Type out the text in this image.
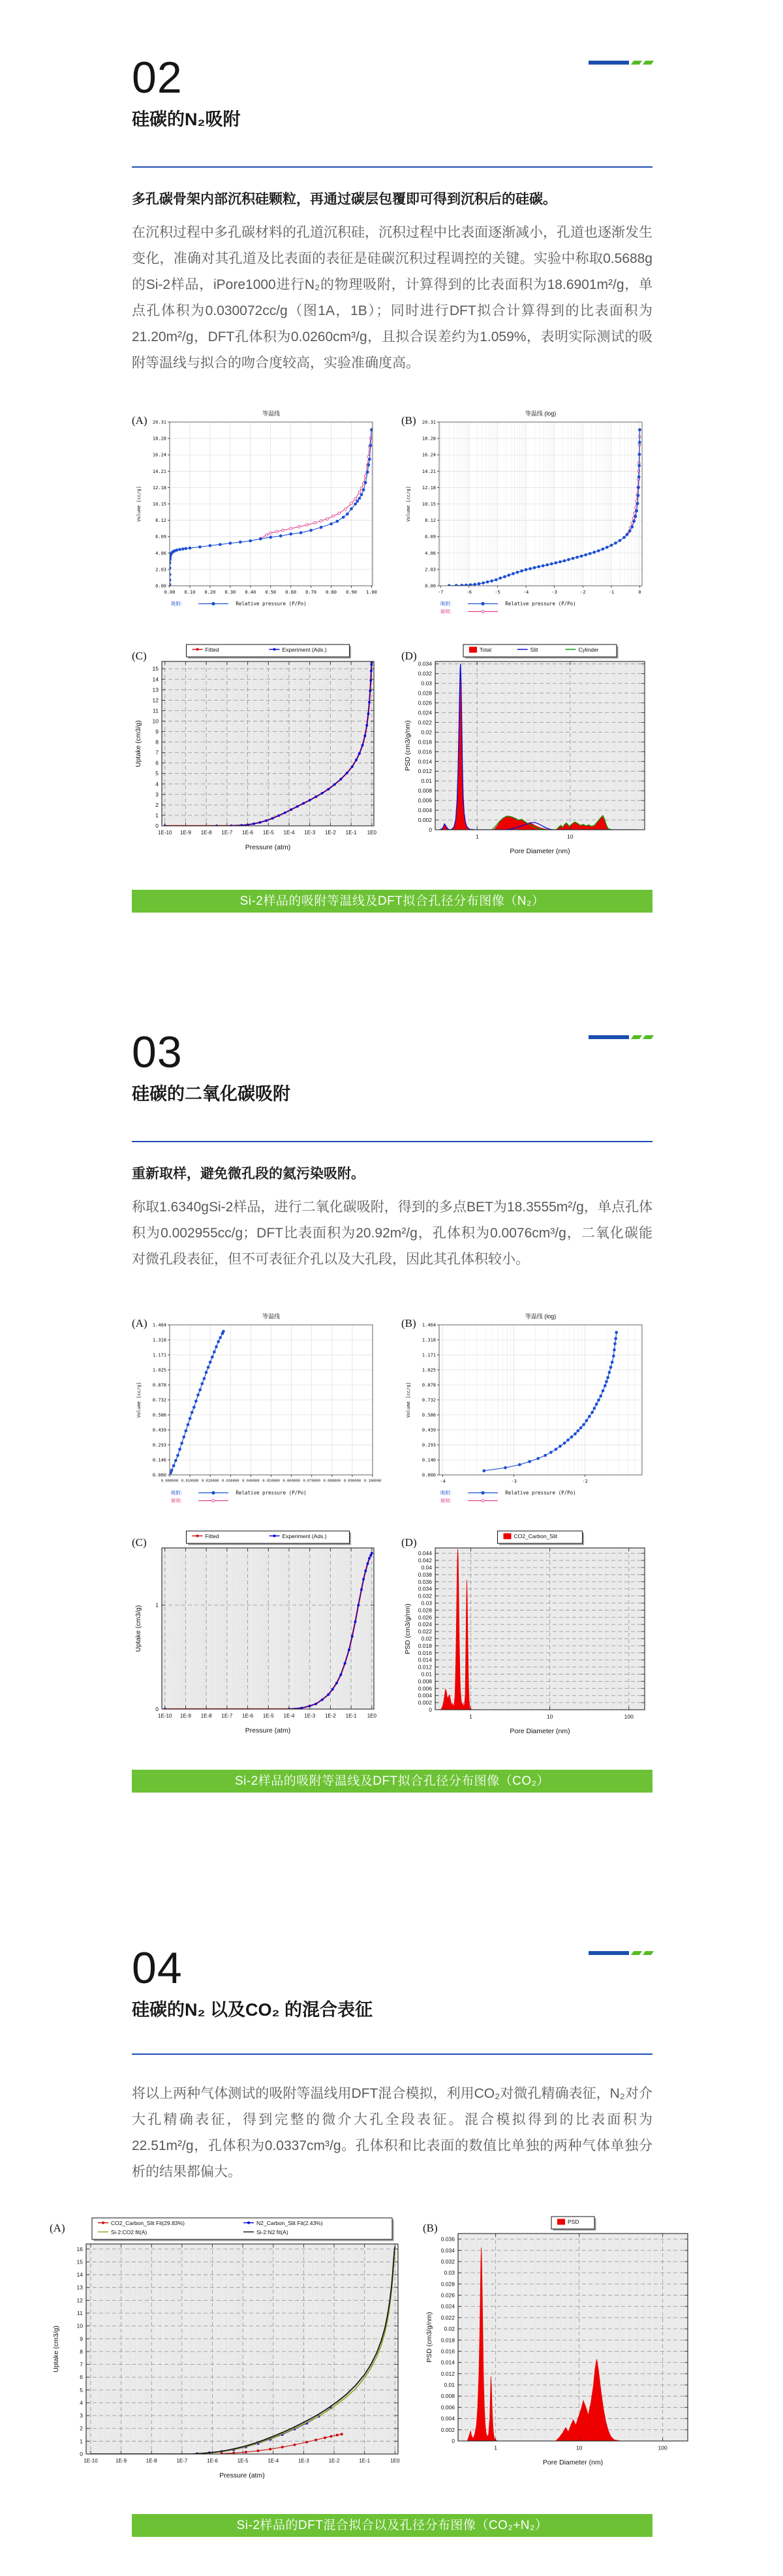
02
硅碳的N₂吸附

多孔碳骨架内部沉积硅颗粒，再通过碳层包覆即可得到沉积后的硅碳。

在沉积过程中多孔碳材料的孔道沉积硅，沉积过程中比表面逐渐减小，孔道也逐渐发生变化，准确对其孔道及比表面的表征是硅碳沉积过程调控的关键。实验中称取0.5688g的Si-2样品，iPore1000进行N₂的物理吸附，计算得到的比表面积为18.6901m²/g，单点孔体积为0.030072cc/g（图1A，1B）；同时进行DFT拟合计算得到的比表面积为21.20m²/g，DFT孔体积为0.0260cm³/g，且拟合误差约为1.059%，表明实际测试的吸附等温线与拟合的吻合度较高，实验准确度高。

(A)
0.00 0.10 0.20 0.30 0.40 0.50 0.60 0.70 0.80 0.90 1.00
0.00
2.03
4.06
6.09
8.12
10.15
12.18
14.21
16.24
18.28
20.31
等温线
Relative pressure (P/Po)
Volume [cc/g]
吸附:
(B)
-7	-6	-5	-4	-3	-2	-1	0
0.00
2.03
4.06
6.09
8.12
10.15
12.18
14.21
16.24
18.28
20.31
等温线 (log)
Relative pressure (P/Po)
Volume [cc/g]
吸附:
解吸:
(C)
1E-10 1E-9 1E-8 1E-7 1E-6 1E-5 1E-4 1E-3 1E-2 1E-1 1E0
0
1
2
3
4
5
6
7
8
9
10
11
12
13
14
15
Pressure (atm)
Uptake (cm3/g)
Fitted	Experiment (Ads.)	(D)
1	10
0
0.002
0.004
0.006
0.008
0.01
0.012
0.014
0.016
0.018
0.02
0.022
0.024
0.026
0.028
0.03
0.032
0.034
Pore Diameter (nm)
PSD (cm3/g/nm)
Total	Slit	Cylinder
Si-2样品的吸附等温线及DFT拟合孔径分布图像（N₂）
03
硅碳的二氧化碳吸附

重新取样，避免微孔段的氦污染吸附。

称取1.6340gSi-2样品，进行二氧化碳吸附，得到的多点BET为18.3555m²/g，单点孔体积为0.002955cc/g；DFT比表面积为20.92m²/g，孔体积为0.0076cm³/g，二氧化碳能对微孔段表征，但不可表征介孔以及大孔段，因此其孔体积较小。

(A)
0.000000 0.010000 0.020000 0.030000 0.040000 0.050000 0.060000 0.070000 0.080000 0.090000 0.100000
0.000
0.146
0.293
0.439
0.586
0.732
0.878
1.025
1.171
1.318
1.464
等温线
Relative pressure (P/Po)
Volume [cc/g]
吸附:
解吸:
(B)
-4	-3	-2
0.000
0.146
0.293
0.439
0.586
0.732
0.878
1.025
1.171
1.318
1.464
等温线 (log)
Relative pressure (P/Po)
Volume [cc/g]
吸附:
解吸:
(C)
1E-10 1E-9 1E-8 1E-7 1E-6 1E-5 1E-4 1E-3 1E-2 1E-1 1E0
0
1
Pressure (atm)
Uptake (cm3/g)
Fitted	Experiment (Ads.)	(D)
1	10	100
0
0.002
0.004
0.006
0.008
0.01
0.012
0.014
0.016
0.018
0.02
0.022
0.024
0.026
0.028
0.03
0.032
0.034
0.036
0.038
0.04
0.042
0.044
Pore Diameter (nm)
PSD (cm3/g/nm)
CO2_Carbon_Slit
Si-2样品的吸附等温线及DFT拟合孔径分布图像（CO₂）
04
硅碳的N₂ 以及CO₂ 的混合表征

将以上两种气体测试的吸附等温线用DFT混合模拟，利用CO₂对微孔精确表征，N₂对介大孔精确表征，得到完整的微介大孔全段表征。混合模拟得到的比表面积为22.51m²/g，孔体积为0.0337cm³/g。孔体积和比表面的数值比单独的两种气体单独分析的结果都偏大。

(A)
1E-10	1E-9	1E-8	1E-7	1E-6	1E-5	1E-4	1E-3	1E-2	1E-1	1E0
0
1
2
3
4
5
6
7
8
9
10
11
12
13
14
15
16
Pressure (atm)
Uptake (cm3/g)
CO2_Carbon_Slit Fit(29.83%)	N2_Carbon_Slit Fit(2.43%)
Si-2:CO2 fit(A)	Si-2:N2 fit(A)	(B)
1	10	100
0
0.002
0.004
0.006
0.008
0.01
0.012
0.014
0.016
0.018
0.02
0.022
0.024
0.026
0.028
0.03
0.032
0.034
0.036
Pore Diameter (nm)
PSD (cm3/g/nm)
PSD
Si-2样品的DFT混合拟合以及孔径分布图像（CO₂+N₂）
